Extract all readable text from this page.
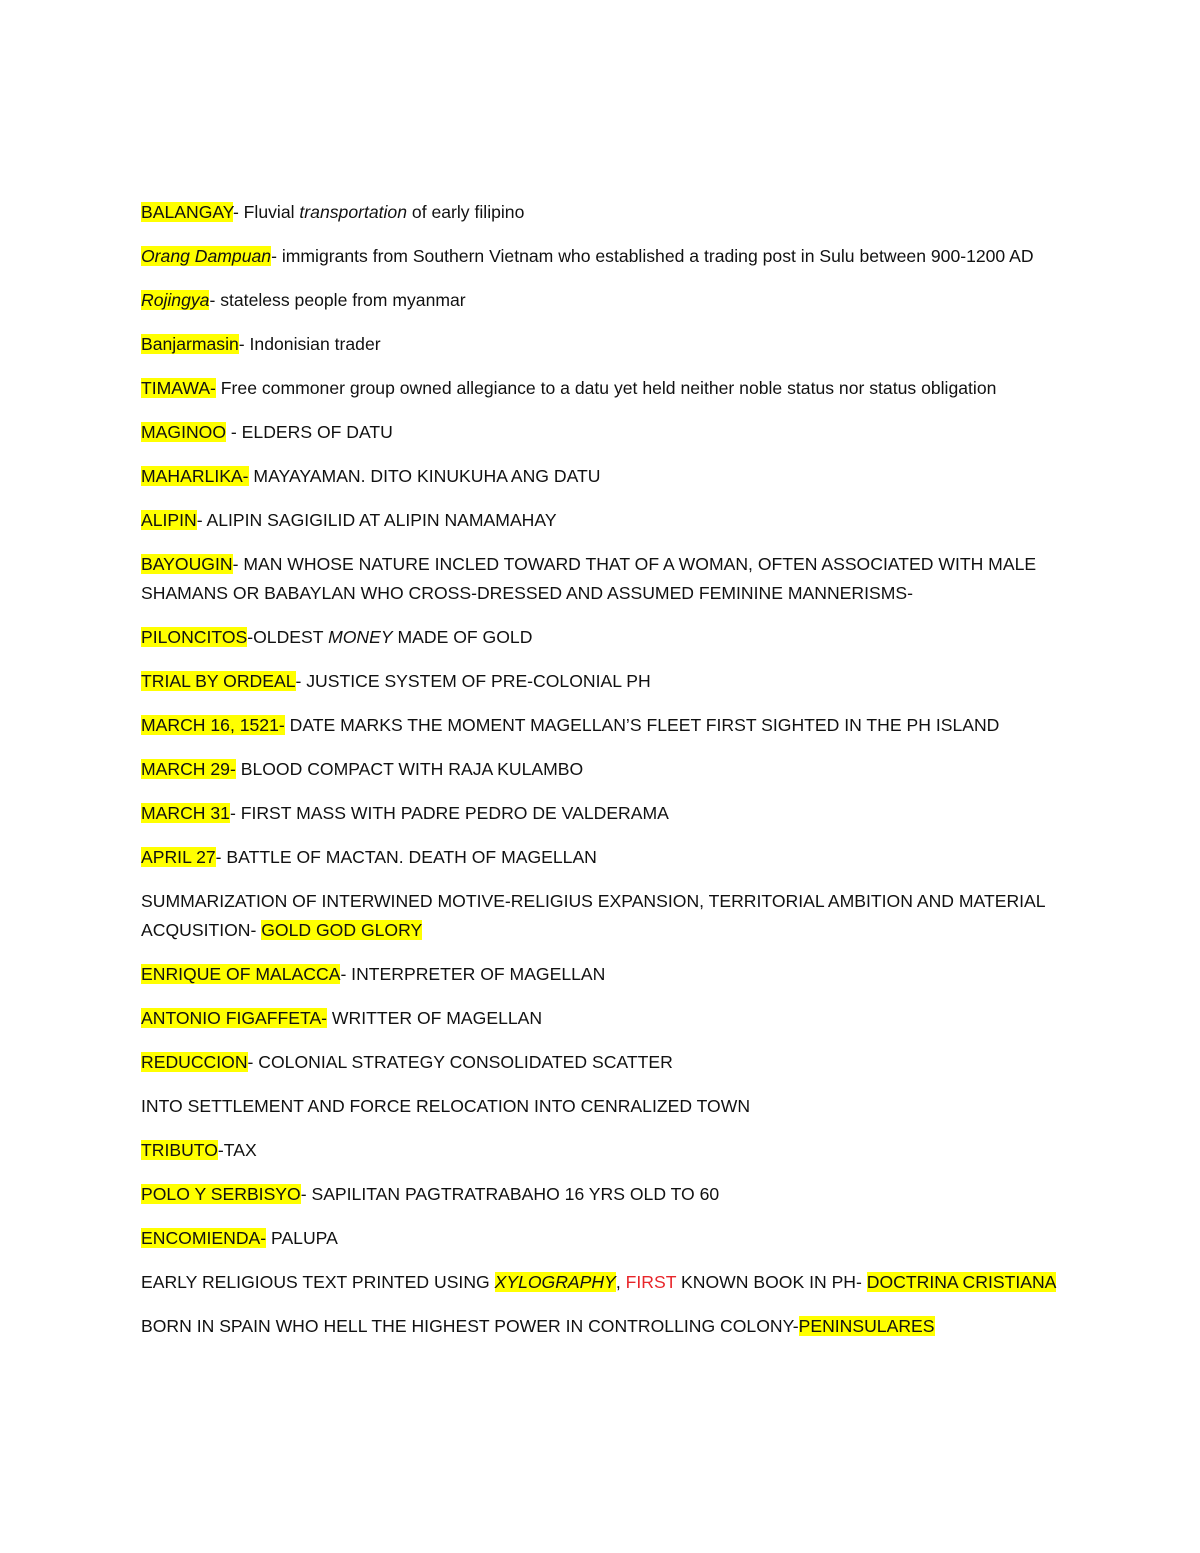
BALANGAY- Fluvial transportation of early filipino

Orang Dampuan- immigrants from Southern Vietnam who established a trading post in Sulu between 900-1200 AD

Rojingya- stateless people from myanmar

Banjarmasin- Indonisian trader

TIMAWA- Free commoner group owned allegiance to a datu yet held neither noble status nor status obligation

MAGINOO - ELDERS OF DATU

MAHARLIKA- MAYAYAMAN. DITO KINUKUHA ANG DATU

ALIPIN- ALIPIN SAGIGILID AT ALIPIN NAMAMAHAY

BAYOUGIN- MAN WHOSE NATURE INCLED TOWARD THAT OF A WOMAN, OFTEN ASSOCIATED WITH MALE SHAMANS OR BABAYLAN WHO CROSS-DRESSED AND ASSUMED FEMININE MANNERISMS-

PILONCITOS-OLDEST MONEY MADE OF GOLD

TRIAL BY ORDEAL- JUSTICE SYSTEM OF PRE-COLONIAL PH

MARCH 16, 1521- DATE MARKS THE MOMENT MAGELLAN’S FLEET FIRST SIGHTED IN THE PH ISLAND

MARCH 29- BLOOD COMPACT WITH RAJA KULAMBO

MARCH 31- FIRST MASS WITH PADRE PEDRO DE VALDERAMA

APRIL 27- BATTLE OF MACTAN. DEATH OF MAGELLAN

SUMMARIZATION OF INTERWINED MOTIVE-RELIGIUS EXPANSION, TERRITORIAL AMBITION AND MATERIAL ACQUSITION- GOLD GOD GLORY

ENRIQUE OF MALACCA- INTERPRETER OF MAGELLAN

ANTONIO FIGAFFETA- WRITTER OF MAGELLAN

REDUCCION- COLONIAL STRATEGY CONSOLIDATED SCATTER

INTO SETTLEMENT AND FORCE RELOCATION INTO CENRALIZED TOWN

TRIBUTO-TAX

POLO Y SERBISYO- SAPILITAN PAGTRATRABAHO 16 YRS OLD TO 60

ENCOMIENDA- PALUPA

EARLY RELIGIOUS TEXT PRINTED USING XYLOGRAPHY, FIRST KNOWN BOOK IN PH- DOCTRINA CRISTIANA

BORN IN SPAIN WHO HELL THE HIGHEST POWER IN CONTROLLING COLONY-PENINSULARES
